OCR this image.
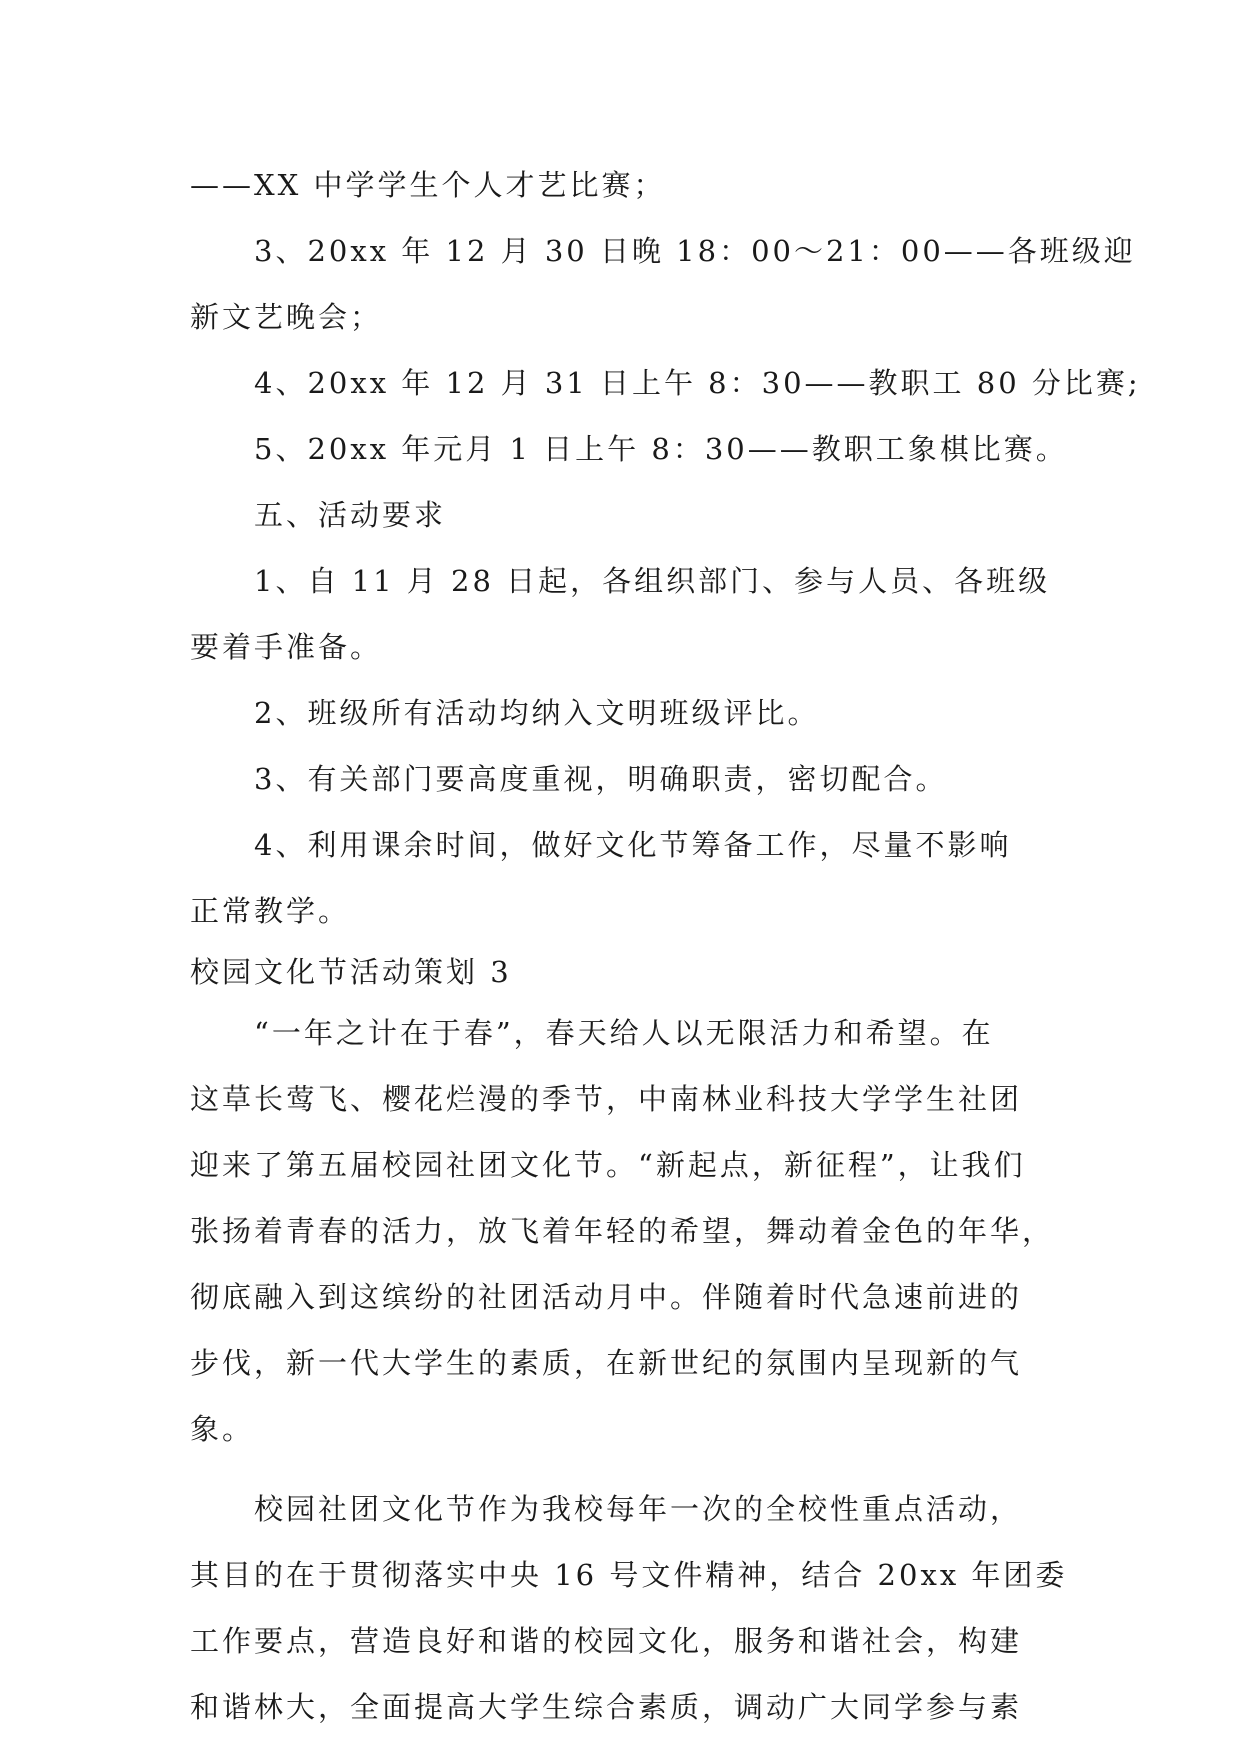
——XX 中学学生个人才艺比赛；
3、20xx 年 12 月 30 日晚 18：00～21：00——各班级迎
新文艺晚会；
4、20xx 年 12 月 31 日上午 8：30——教职工 80 分比赛;
5、20xx 年元月 1 日上午 8：30——教职工象棋比赛。
五、活动要求
1、自 11 月 28 日起，各组织部门、参与人员、各班级
要着手准备。
2、班级所有活动均纳入文明班级评比。
3、有关部门要高度重视，明确职责，密切配合。
4、利用课余时间，做好文化节筹备工作，尽量不影响
正常教学。
校园文化节活动策划 3
“一年之计在于春”，春天给人以无限活力和希望。在
这草长莺飞、樱花烂漫的季节，中南林业科技大学学生社团
迎来了第五届校园社团文化节。“新起点，新征程”，让我们
张扬着青春的活力，放飞着年轻的希望，舞动着金色的年华，
彻底融入到这缤纷的社团活动月中。伴随着时代急速前进的
步伐，新一代大学生的素质，在新世纪的氛围内呈现新的气
象。
校园社团文化节作为我校每年一次的全校性重点活动，
其目的在于贯彻落实中央 16 号文件精神，结合 20xx 年团委
工作要点，营造良好和谐的校园文化，服务和谐社会，构建
和谐林大，全面提高大学生综合素质，调动广大同学参与素
